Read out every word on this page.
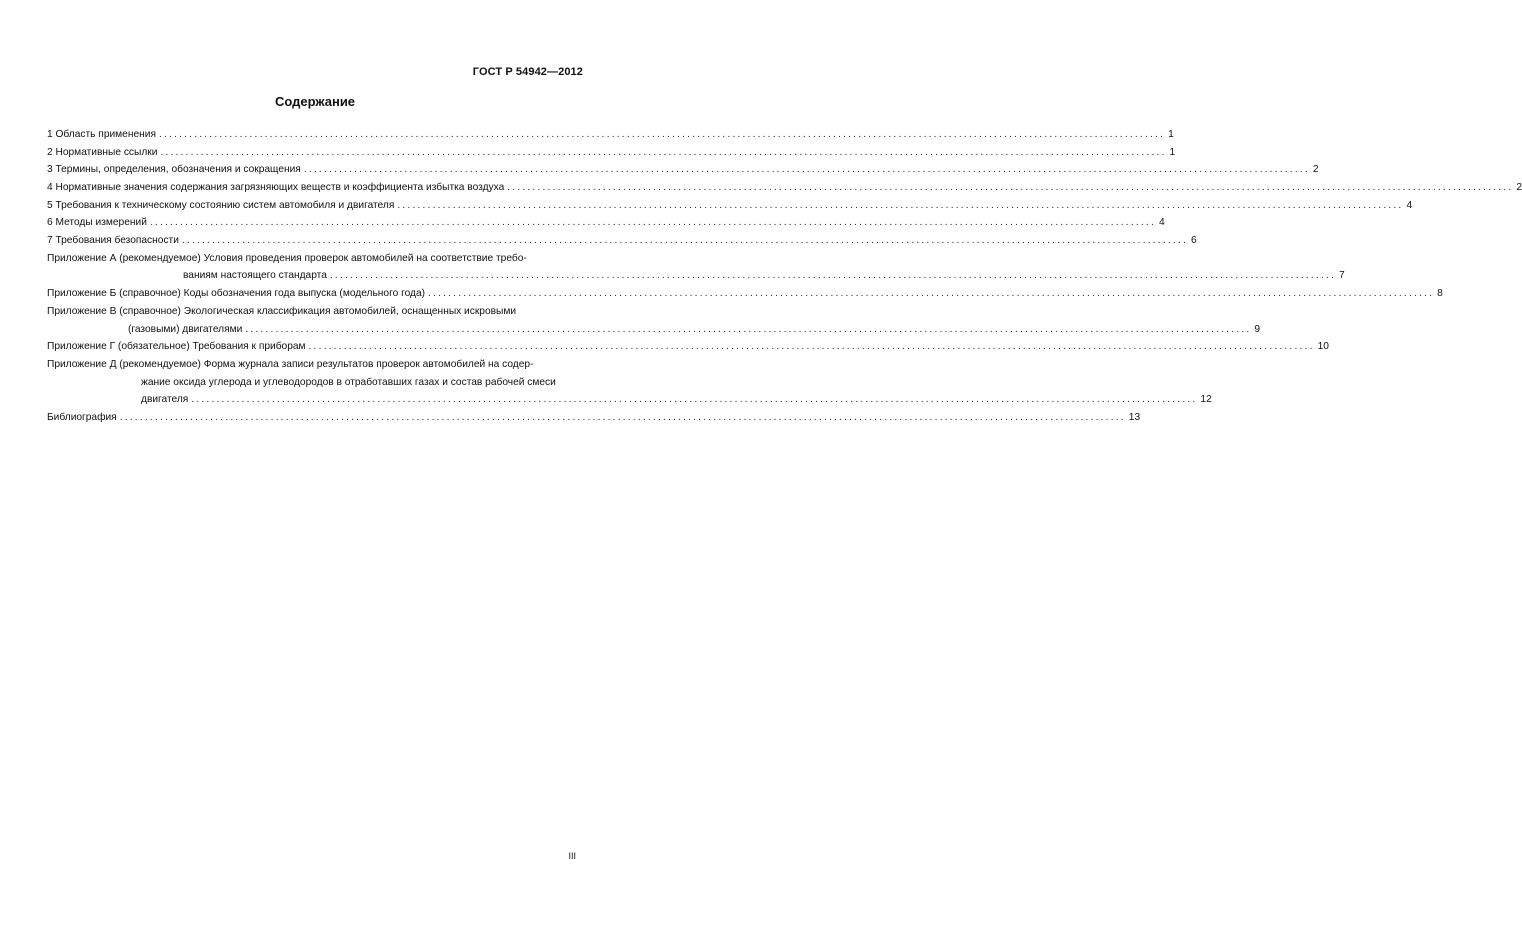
ГОСТ Р 54942—2012
Содержание
1 Область применения ........................................................................................................................................................................................................ 1
2 Нормативные ссылки ........................................................................................................................................................................................................ 1
3 Термины, определения, обозначения и сокращения ........................................................................................................................................................................................................ 2
4 Нормативные значения содержания загрязняющих веществ и коэффициента избытка воздуха ........................................................................................................................................................................................................ 2
5 Требования к техническому состоянию систем автомобиля и двигателя ........................................................................................................................................................................................................ 4
6 Методы измерений ........................................................................................................................................................................................................ 4
7 Требования безопасности ........................................................................................................................................................................................................ 6
Приложение А (рекомендуемое) Условия проведения проверок автомобилей на соответствие требо-
ваниям настоящего стандарта ........................................................................................................................................................................................................ 7
Приложение Б (справочное) Коды обозначения года выпуска (модельного года) ........................................................................................................................................................................................................ 8
Приложение В (справочное) Экологическая классификация автомобилей, оснащенных искровыми
(газовыми) двигателями ........................................................................................................................................................................................................ 9
Приложение Г (обязательное) Требования к приборам ........................................................................................................................................................................................................ 10
Приложение Д (рекомендуемое) Форма журнала записи результатов проверок автомобилей на содер-
жание оксида углерода и углеводородов в отработавших газах и состав рабочей смеси
двигателя ........................................................................................................................................................................................................ 12
Библиография ........................................................................................................................................................................................................ 13
III
